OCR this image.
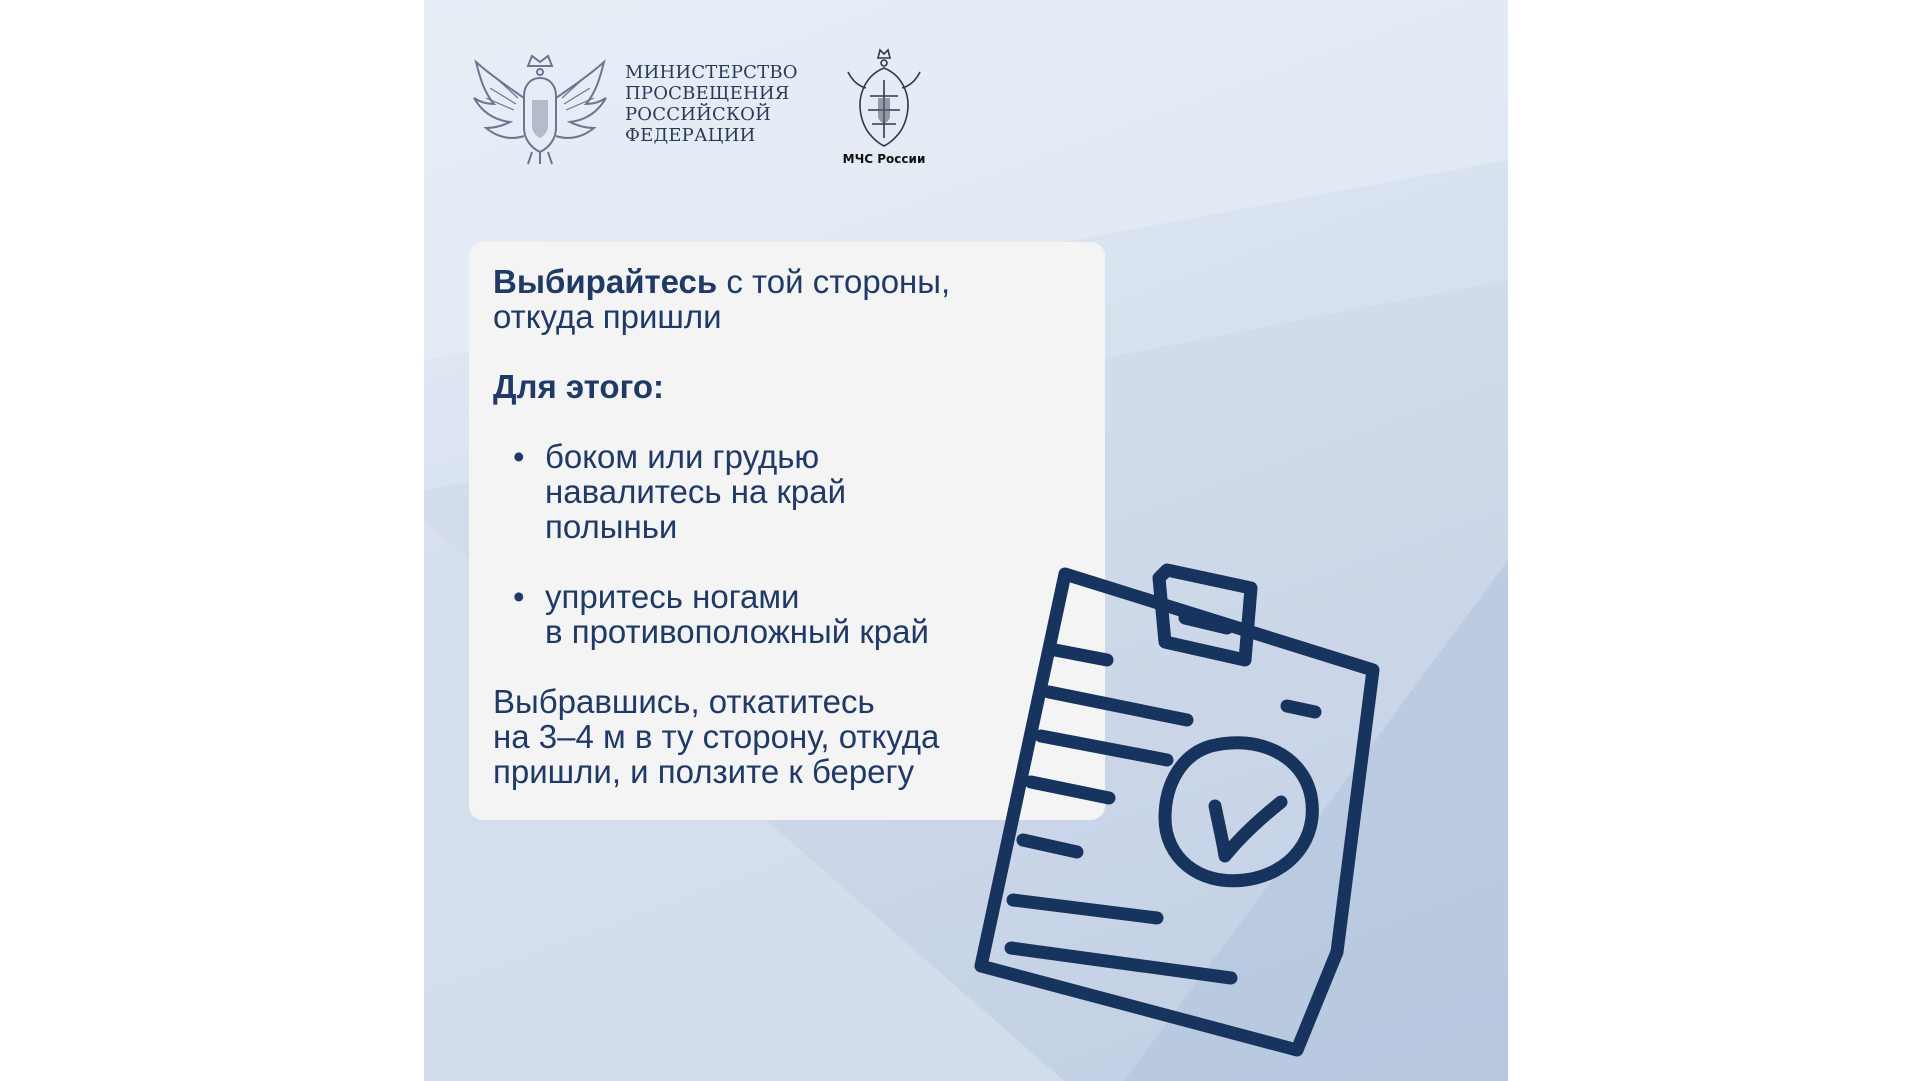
МИНИСТЕРСТВО
ПРОСВЕЩЕНИЯ
РОССИЙСКОЙ
ФЕДЕРАЦИИ
МЧС России

Выбирайтесь с той стороны,
откуда пришли

Для этого:

• боком или грудью
навалитесь на край
полыньи
• упритесь ногами
в противоположный край

Выбравшись, откатитесь
на 3–4 м в ту сторону, откуда
пришли, и ползите к берегу
